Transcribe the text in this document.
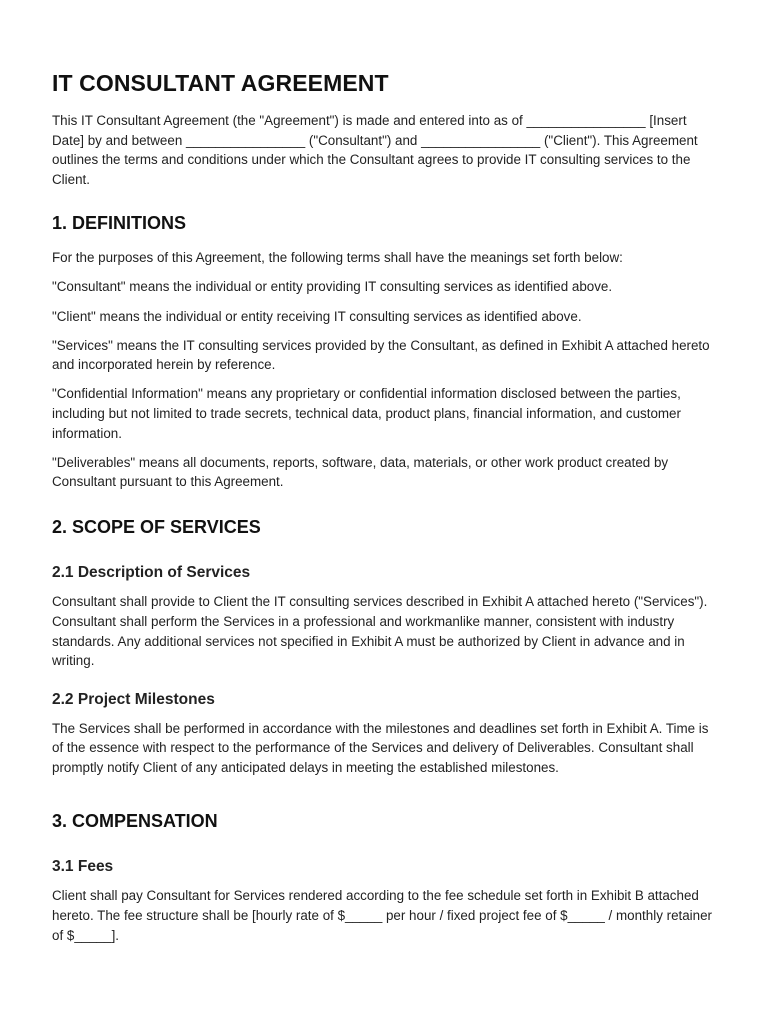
IT CONSULTANT AGREEMENT

This IT Consultant Agreement (the "Agreement") is made and entered into as of ________________ [Insert Date] by and between ________________ ("Consultant") and ________________ ("Client"). This Agreement outlines the terms and conditions under which the Consultant agrees to provide IT consulting services to the Client.

1. DEFINITIONS

For the purposes of this Agreement, the following terms shall have the meanings set forth below:

"Consultant" means the individual or entity providing IT consulting services as identified above.

"Client" means the individual or entity receiving IT consulting services as identified above.

"Services" means the IT consulting services provided by the Consultant, as defined in Exhibit A attached hereto and incorporated herein by reference.

"Confidential Information" means any proprietary or confidential information disclosed between the parties, including but not limited to trade secrets, technical data, product plans, financial information, and customer information.

"Deliverables" means all documents, reports, software, data, materials, or other work product created by Consultant pursuant to this Agreement.

2. SCOPE OF SERVICES
2.1 Description of Services

Consultant shall provide to Client the IT consulting services described in Exhibit A attached hereto ("Services"). Consultant shall perform the Services in a professional and workmanlike manner, consistent with industry standards. Any additional services not specified in Exhibit A must be authorized by Client in advance and in writing.

2.2 Project Milestones

The Services shall be performed in accordance with the milestones and deadlines set forth in Exhibit A. Time is of the essence with respect to the performance of the Services and delivery of Deliverables. Consultant shall promptly notify Client of any anticipated delays in meeting the established milestones.

3. COMPENSATION
3.1 Fees

Client shall pay Consultant for Services rendered according to the fee schedule set forth in Exhibit B attached hereto. The fee structure shall be [hourly rate of $_____ per hour / fixed project fee of $_____ / monthly retainer of $_____].
